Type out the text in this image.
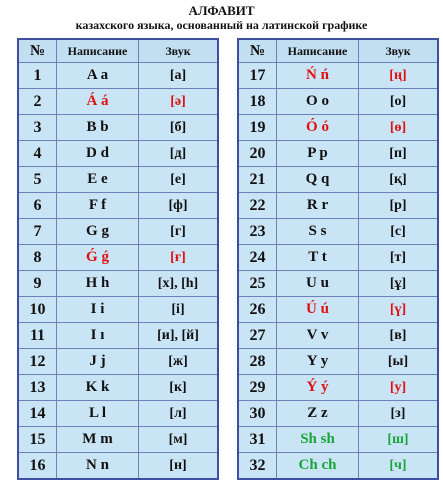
АЛФАВИТ

казахского языка, основанный на латинской графике

№	Написание	Звук
1	A a	[а]
2	Á á	[ә]
3	B b	[б]
4	D d	[д]
5	E e	[е]
6	F f	[ф]
7	G g	[г]
8	Ǵ ǵ	[ғ]
9	H h	[х], [h]
10	I i	[і]
11	I ı	[и], [й]
12	J j	[ж]
13	K k	[к]
14	L l	[л]
15	M m	[м]
16	N n	[н]
№	Написание	Звук
17	Ń ń	[ң]
18	O o	[о]
19	Ó ó	[ө]
20	P p	[п]
21	Q q	[қ]
22	R r	[р]
23	S s	[с]
24	T t	[т]
25	U u	[ұ]
26	Ú ú	[ү]
27	V v	[в]
28	Y y	[ы]
29	Ý ý	[у]
30	Z z	[з]
31	Sh sh	[ш]
32	Ch ch	[ч]
